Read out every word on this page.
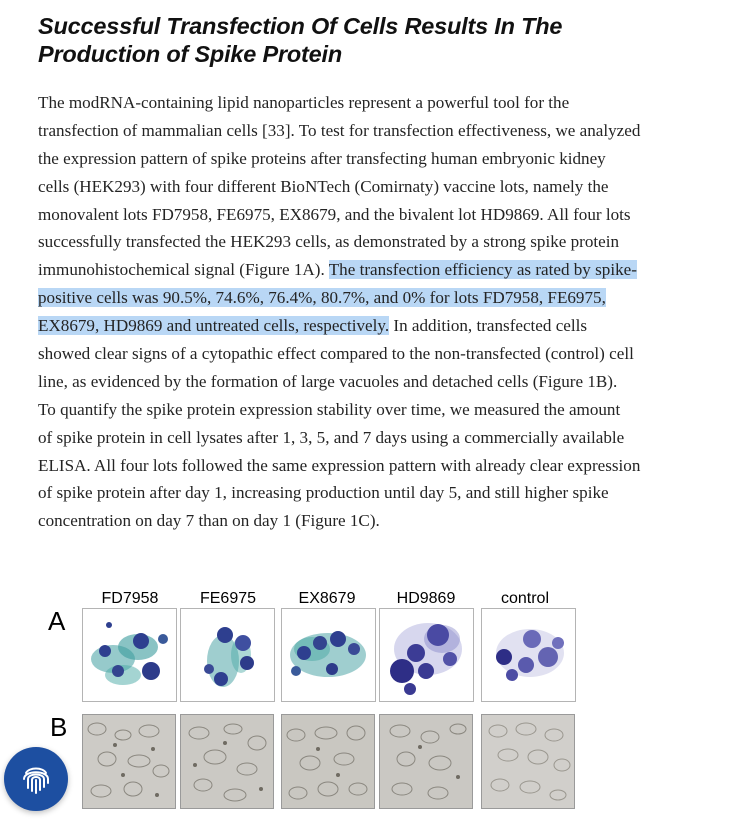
Successful Transfection Of Cells Results In The
Production of Spike Protein
The modRNA-containing lipid nanoparticles represent a powerful tool for the
transfection of mammalian cells [33]. To test for transfection effectiveness, we analyzed
the expression pattern of spike proteins after transfecting human embryonic kidney
cells (HEK293) with four different BioNTech (Comirnaty) vaccine lots, namely the
monovalent lots FD7958, FE6975, EX8679, and the bivalent lot HD9869. All four lots
successfully transfected the HEK293 cells, as demonstrated by a strong spike protein
immunohistochemical signal (Figure 1A). The transfection efficiency as rated by spike-
positive cells was 90.5%, 74.6%, 76.4%, 80.7%, and 0% for lots FD7958, FE6975,
EX8679, HD9869 and untreated cells, respectively. In addition, transfected cells
showed clear signs of a cytopathic effect compared to the non-transfected (control) cell
line, as evidenced by the formation of large vacuoles and detached cells (Figure 1B).
To quantify the spike protein expression stability over time, we measured the amount
of spike protein in cell lysates after 1, 3, 5, and 7 days using a commercially available
ELISA. All four lots followed the same expression pattern with already clear expression
of spike protein after day 1, increasing production until day 5, and still higher spike
concentration on day 7 than on day 1 (Figure 1C).
A
B
FD7958	FE6975	EX8679	HD9869	control
